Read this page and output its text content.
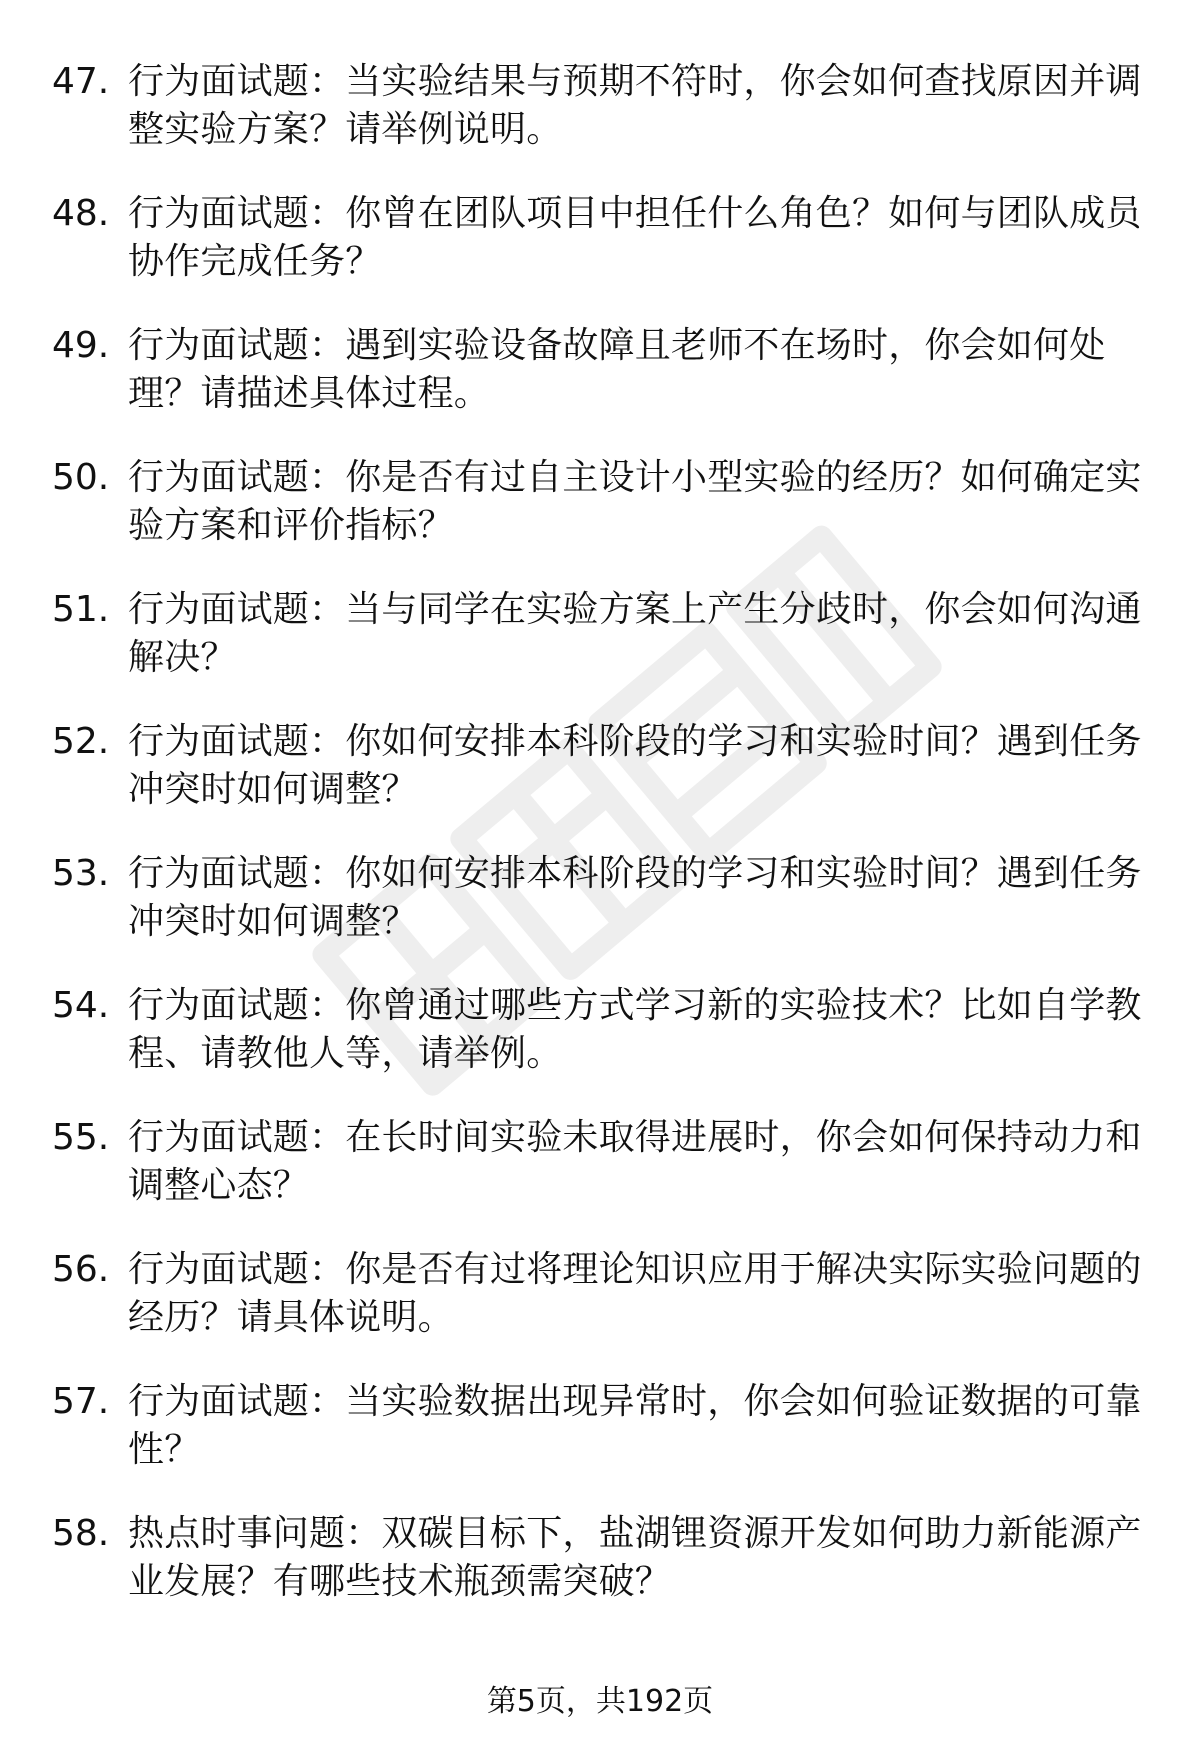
47. 行为面试题：当实验结果与预期不符时，你会如何查找原因并调整实验方案？请举例说明。
48. 行为面试题：你曾在团队项目中担任什么角色？如何与团队成员协作完成任务？
49. 行为面试题：遇到实验设备故障且老师不在场时，你会如何处理？请描述具体过程。
50. 行为面试题：你是否有过自主设计小型实验的经历？如何确定实验方案和评价指标？
51. 行为面试题：当与同学在实验方案上产生分歧时，你会如何沟通解决？
52. 行为面试题：你如何安排本科阶段的学习和实验时间？遇到任务冲突时如何调整？
53. 行为面试题：你如何安排本科阶段的学习和实验时间？遇到任务冲突时如何调整？
54. 行为面试题：你曾通过哪些方式学习新的实验技术？比如自学教程、请教他人等，请举例。
55. 行为面试题：在长时间实验未取得进展时，你会如何保持动力和调整心态？
56. 行为面试题：你是否有过将理论知识应用于解决实际实验问题的经历？请具体说明。
57. 行为面试题：当实验数据出现异常时，你会如何验证数据的可靠性？
58. 热点时事问题：双碳目标下，盐湖锂资源开发如何助力新能源产业发展？有哪些技术瓶颈需突破？
第5页，共192页
